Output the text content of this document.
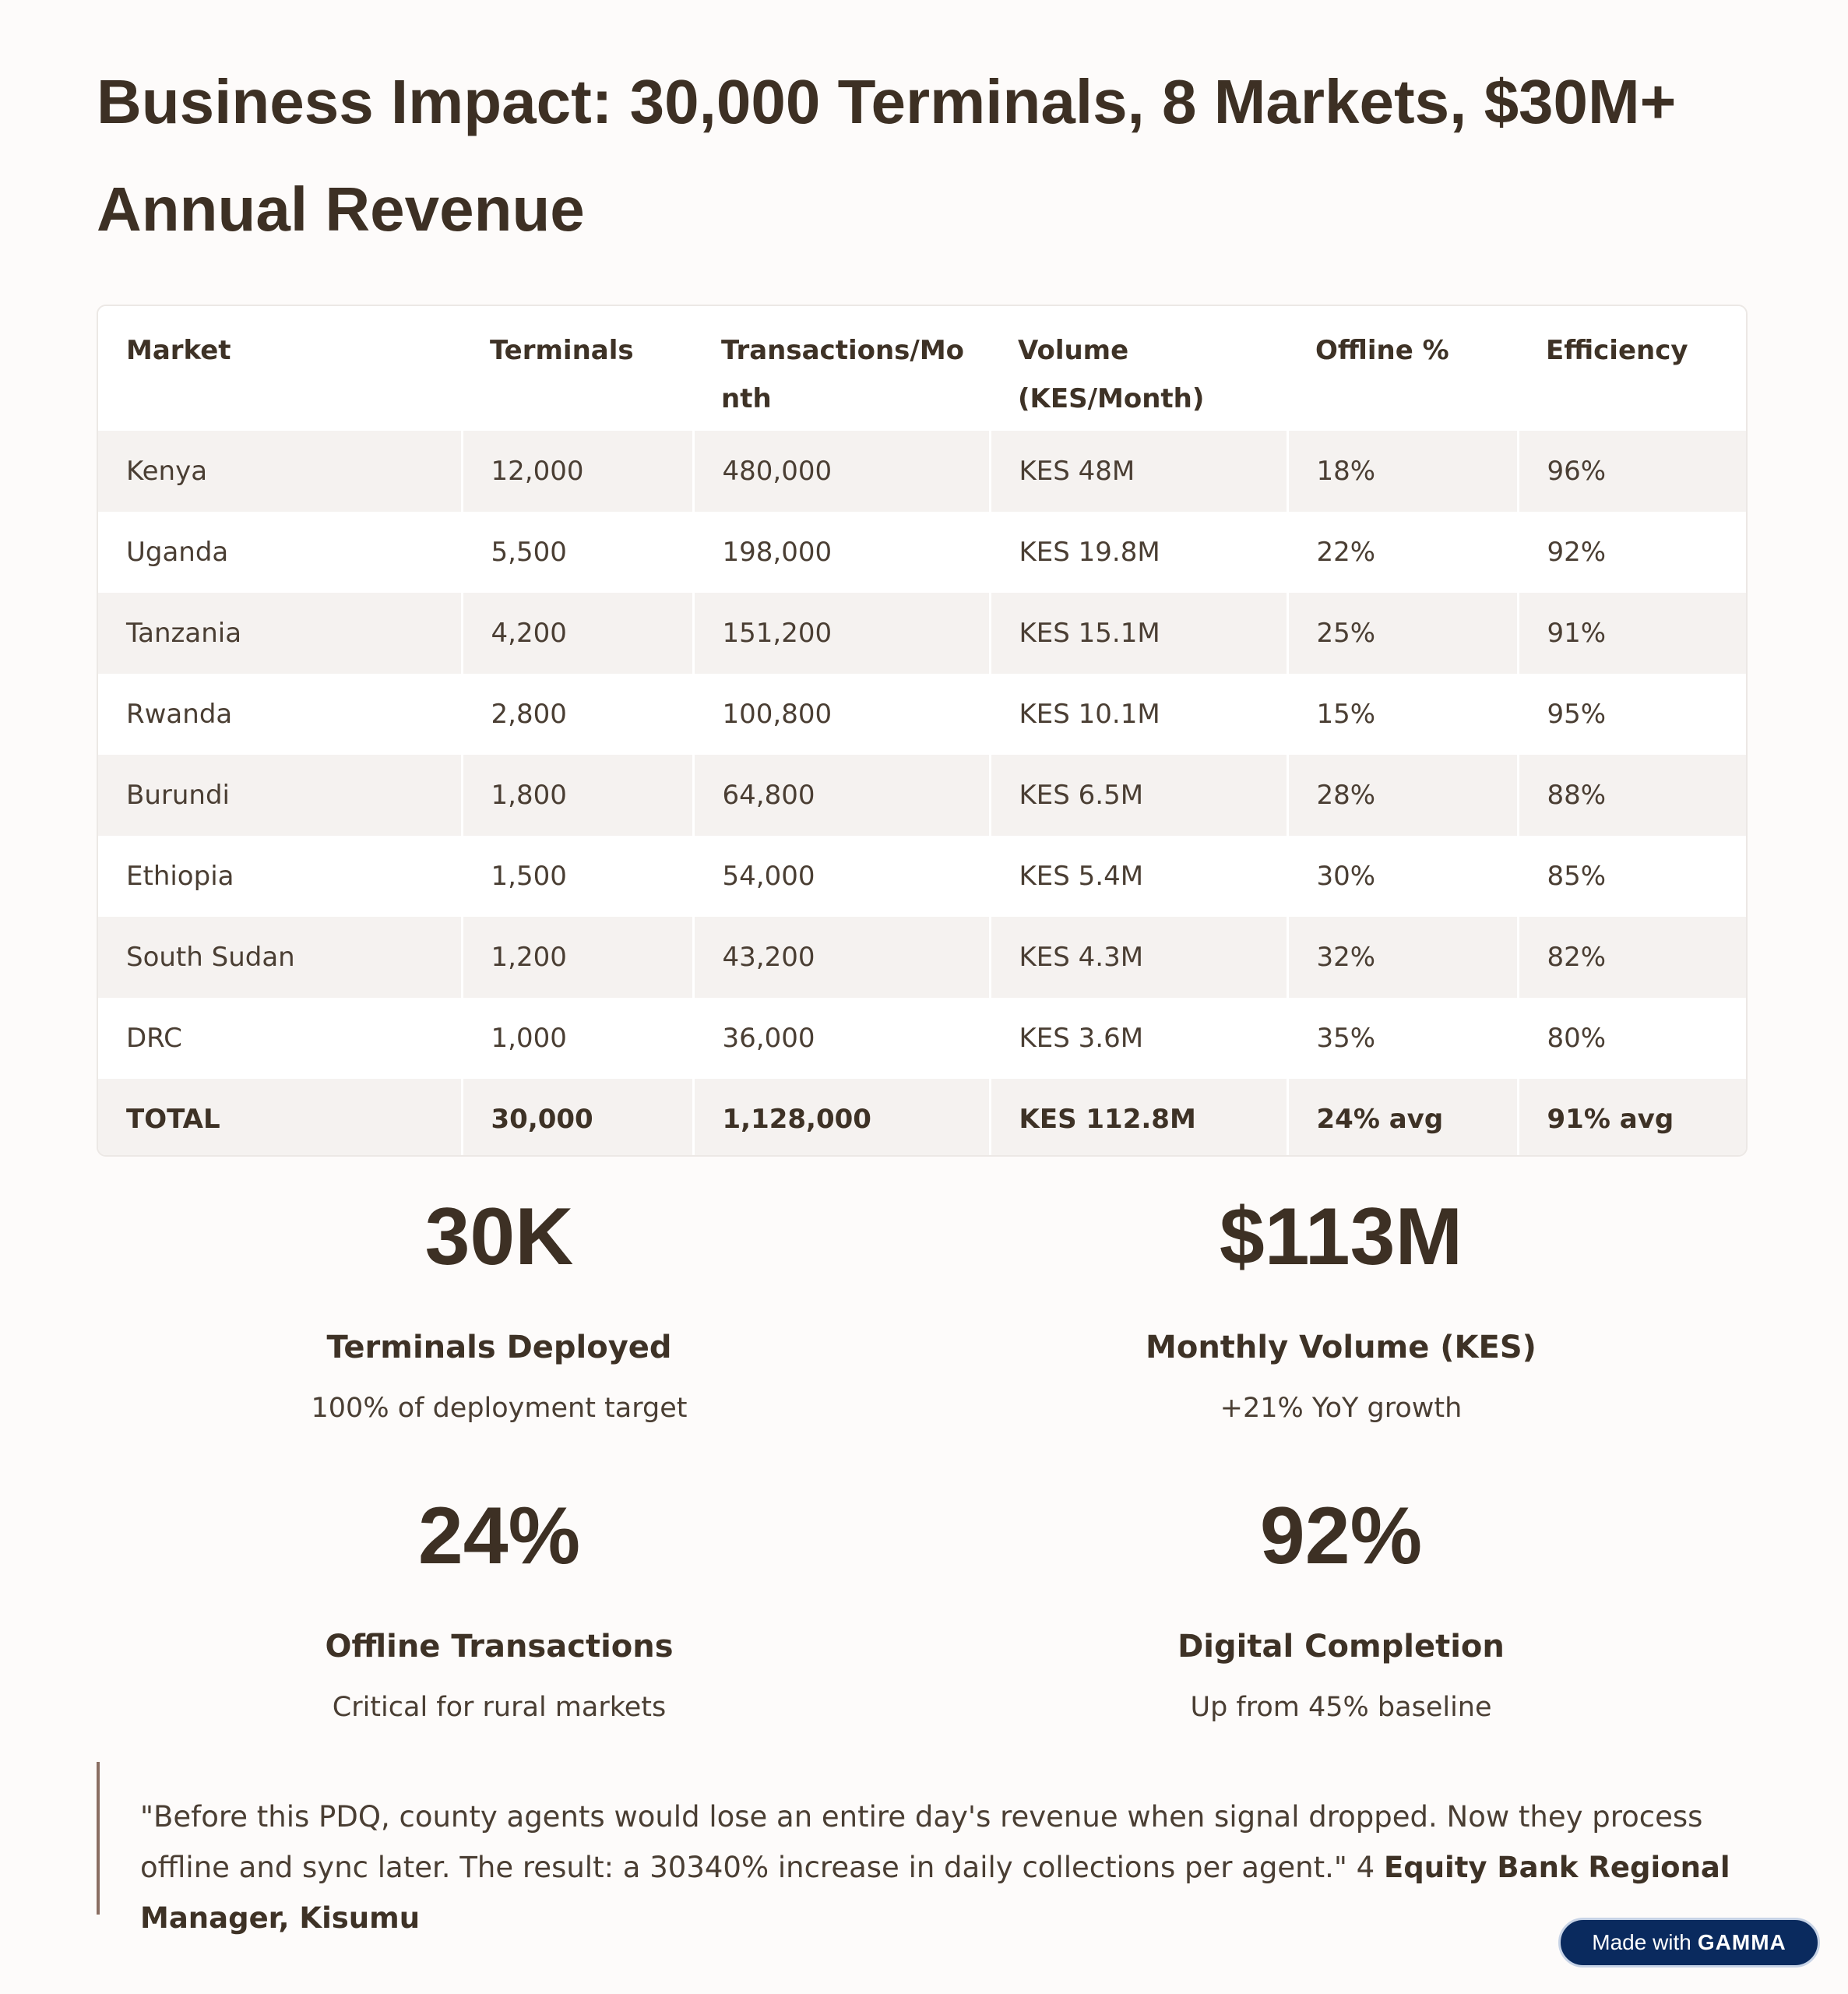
Business Impact: 30,000 Terminals, 8 Markets, $30M+ Annual Revenue
Market	Terminals	Transactions/Mo nth	Volume (KES/Month)	Offline %	Efficiency
Kenya	12,000	480,000	KES 48M	18%	96%
Uganda	5,500	198,000	KES 19.8M	22%	92%
Tanzania	4,200	151,200	KES 15.1M	25%	91%
Rwanda	2,800	100,800	KES 10.1M	15%	95%
Burundi	1,800	64,800	KES 6.5M	28%	88%
Ethiopia	1,500	54,000	KES 5.4M	30%	85%
South Sudan	1,200	43,200	KES 4.3M	32%	82%
DRC	1,000	36,000	KES 3.6M	35%	80%
TOTAL	30,000	1,128,000	KES 112.8M	24% avg	91% avg
30K
Terminals Deployed
100% of deployment target
$113M
Monthly Volume (KES)
+21% YoY growth
24%
Offline Transactions
Critical for rural markets
92%
Digital Completion
Up from 45% baseline
"Before this PDQ, county agents would lose an entire day's revenue when signal dropped. Now they process offline and sync later. The result: a 30340% increase in daily collections per agent." 4 Equity Bank Regional Manager, Kisumu
Made with GAMMA
